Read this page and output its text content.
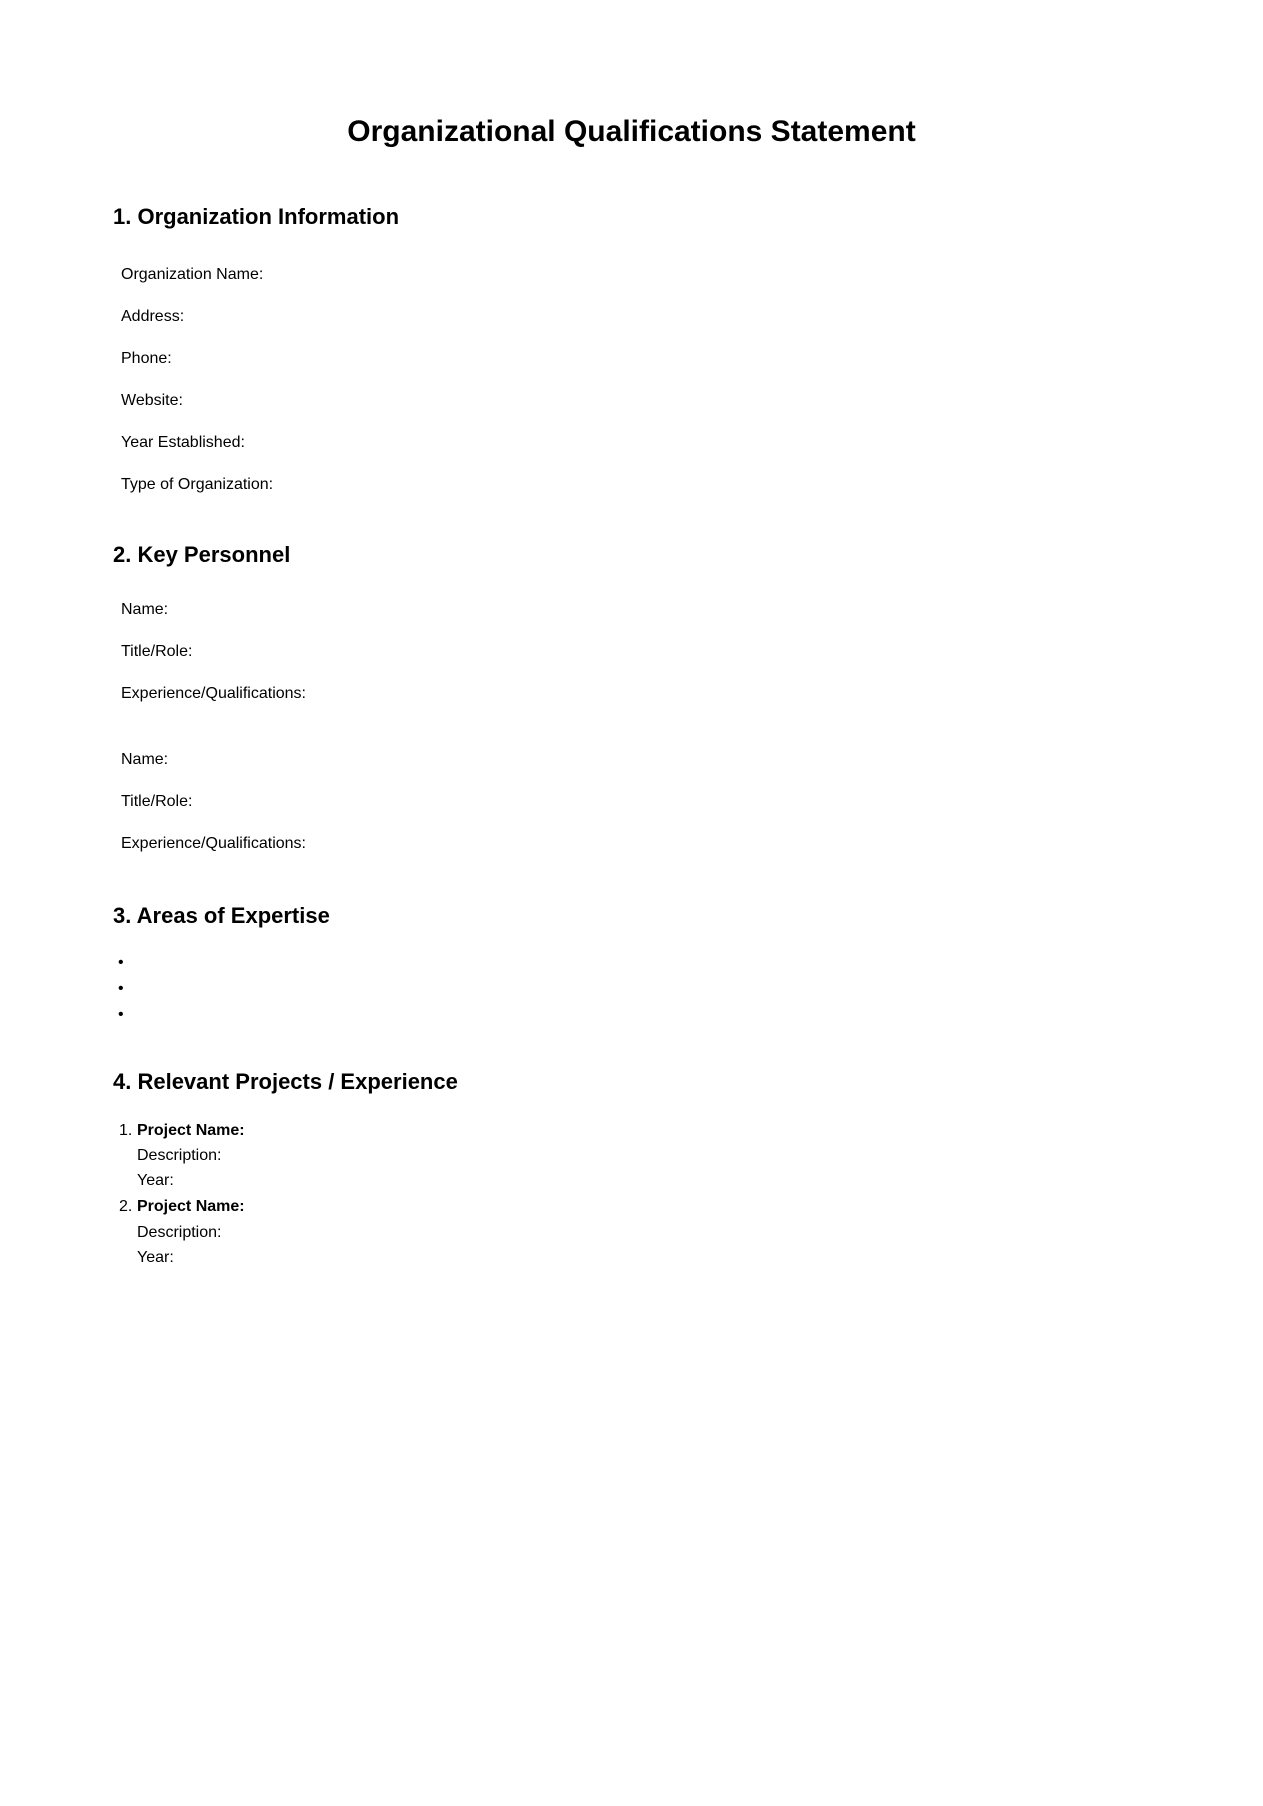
Organizational Qualifications Statement
1. Organization Information
Organization Name:
Address:
Phone:
Website:
Year Established:
Type of Organization:
2. Key Personnel
Name:
Title/Role:
Experience/Qualifications:
Name:
Title/Role:
Experience/Qualifications:
3. Areas of Expertise
•
•
•
4. Relevant Projects / Experience
1. Project Name:
Description:
Year:
2. Project Name:
Description:
Year:
